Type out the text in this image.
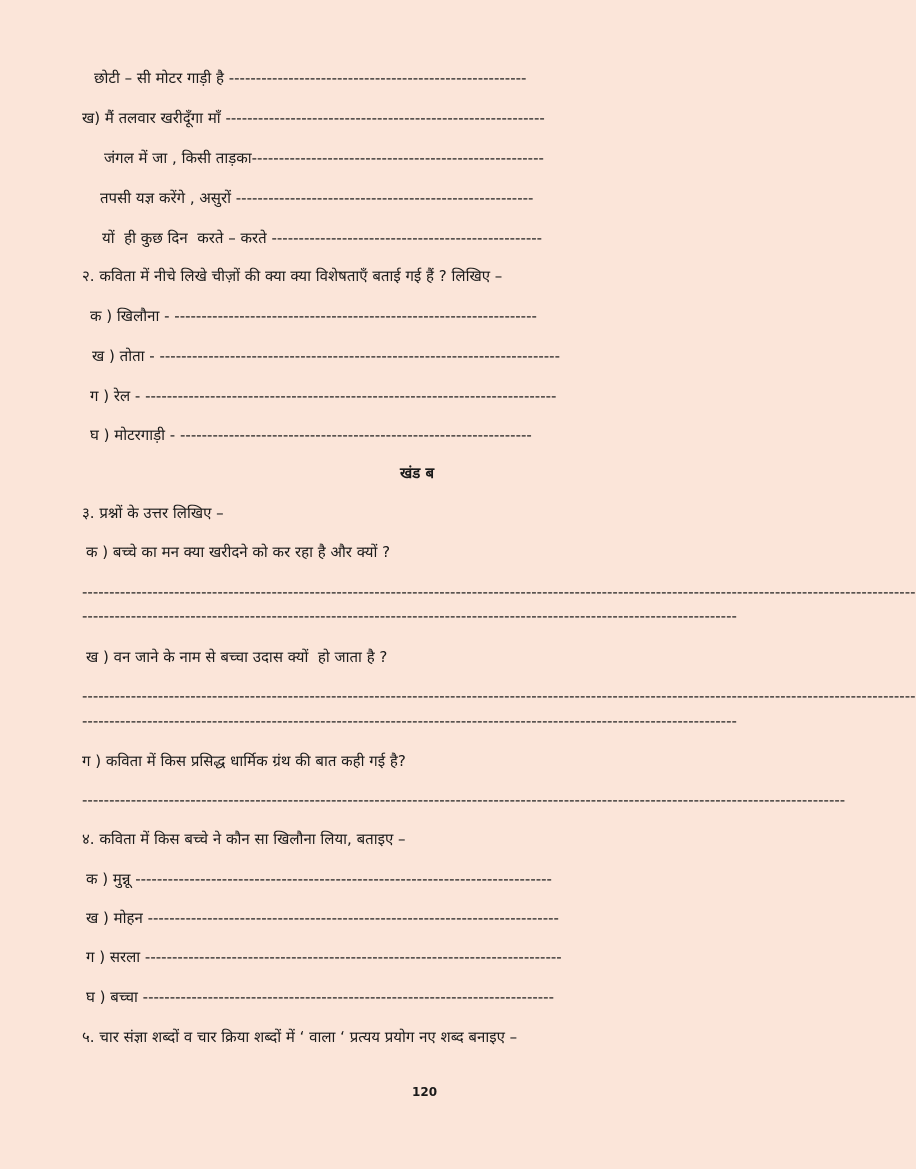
छोटी – सी मोटर गाड़ी है -------------------------------------------------------
ख) मैं तलवार खरीदूँगा माँ -----------------------------------------------------------
जंगल में जा , किसी ताड़का------------------------------------------------------
तपसी यज्ञ करेंगे , असुरों -------------------------------------------------------
यों  ही कुछ दिन  करते – करते --------------------------------------------------
२. कविता में नीचे लिखे चीज़ों की क्या क्या विशेषताएँ बताई गई हैं ? लिखिए –
क ) खिलौना - -------------------------------------------------------------------
ख ) तोता - --------------------------------------------------------------------------
ग ) रेल - ----------------------------------------------------------------------------
घ ) मोटरगाड़ी - -----------------------------------------------------------------
खंड ब
३. प्रश्नों के उत्तर लिखिए –
क ) बच्चे का मन क्या खरीदने को कर रहा है और क्यों ?
----------------------------------------------------------------------------------------------------------------------------------------------------------
-------------------------------------------------------------------------------------------------------------------------
ख ) वन जाने के नाम से बच्चा उदास क्यों  हो जाता है ?
----------------------------------------------------------------------------------------------------------------------------------------------------------
-------------------------------------------------------------------------------------------------------------------------
ग ) कविता में किस प्रसिद्ध धार्मिक ग्रंथ की बात कही गई है?
---------------------------------------------------------------------------------------------------------------------------------------------
४. कविता में किस बच्चे ने कौन सा खिलौना लिया, बताइए –
क ) मुन्नू -----------------------------------------------------------------------------
ख ) मोहन ----------------------------------------------------------------------------
ग ) सरला -----------------------------------------------------------------------------
घ ) बच्चा ----------------------------------------------------------------------------
५. चार संज्ञा शब्दों व चार क्रिया शब्दों में ‘ वाला ‘ प्रत्यय प्रयोग नए शब्द बनाइए –
120
